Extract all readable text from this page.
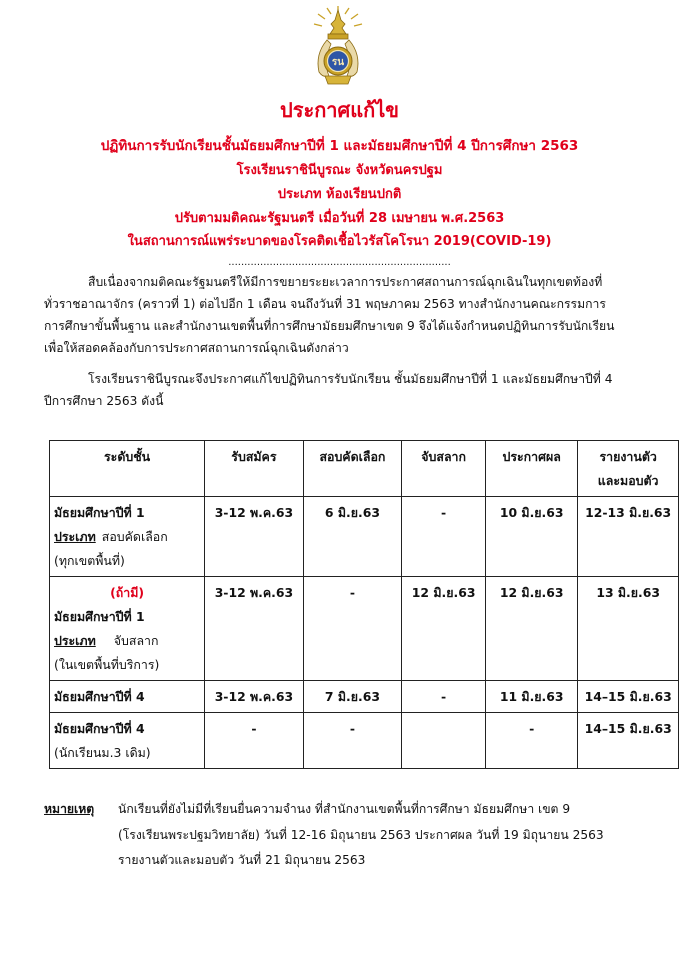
รน
ประกาศแก้ไข
ปฏิทินการรับนักเรียนชั้นมัธยมศึกษาปีที่ 1 และมัธยมศึกษาปีที่ 4 ปีการศึกษา 2563
โรงเรียนราชินีบูรณะ จังหวัดนครปฐม
ประเภท ห้องเรียนปกติ
ปรับตามมติคณะรัฐมนตรี เมื่อวันที่ 28 เมษายน พ.ศ.2563
ในสถานการณ์แพร่ระบาดของโรคติดเชื้อไวรัสโคโรนา 2019(COVID-19)
......................................................................
สืบเนื่องจากมติคณะรัฐมนตรีให้มีการขยายระยะเวลาการประกาศสถานการณ์ฉุกเฉินในทุกเขตท้องที่
ทั่วราชอาณาจักร (คราวที่ 1) ต่อไปอีก 1 เดือน จนถึงวันที่ 31 พฤษภาคม 2563 ทางสำนักงานคณะกรรมการ
การศึกษาขั้นพื้นฐาน และสำนักงานเขตพื้นที่การศึกษามัธยมศึกษาเขต 9 จึงได้แจ้งกำหนดปฏิทินการรับนักเรียน
เพื่อให้สอดคล้องกับการประกาศสถานการณ์ฉุกเฉินดังกล่าว
โรงเรียนราชินีบูรณะจึงประกาศแก้ไขปฏิทินการรับนักเรียน ชั้นมัธยมศึกษาปีที่ 1 และมัธยมศึกษาปีที่ 4
ปีการศึกษา 2563 ดังนี้
ระดับชั้น	รับสมัคร	สอบคัดเลือก	จับสลาก	ประกาศผล	รายงานตัว
และมอบตัว

มัธยมศึกษาปีที่ 1
ประเภท สอบคัดเลือก
(ทุกเขตพื้นที่)	3-12 พ.ค.63	6 มิ.ย.63	-	10 มิ.ย.63	12-13 มิ.ย.63

(ถ้ามี)
มัธยมศึกษาปีที่ 1
ประเภท จับสลาก
(ในเขตพื้นที่บริการ)	3-12 พ.ค.63	-	12 มิ.ย.63	12 มิ.ย.63	13 มิ.ย.63

มัธยมศึกษาปีที่ 4	3-12 พ.ค.63	7 มิ.ย.63	-	11 มิ.ย.63	14–15 มิ.ย.63

มัธยมศึกษาปีที่ 4
(นักเรียนม.3 เดิม)	-	-		-	14–15 มิ.ย.63
หมายเหตุ นักเรียนที่ยังไม่มีที่เรียนยื่นความจำนง ที่สำนักงานเขตพื้นที่การศึกษา มัธยมศึกษา เขต 9
(โรงเรียนพระปฐมวิทยาลัย) วันที่ 12-16 มิถุนายน 2563 ประกาศผล วันที่ 19 มิถุนายน 2563
รายงานตัวและมอบตัว วันที่ 21 มิถุนายน 2563
